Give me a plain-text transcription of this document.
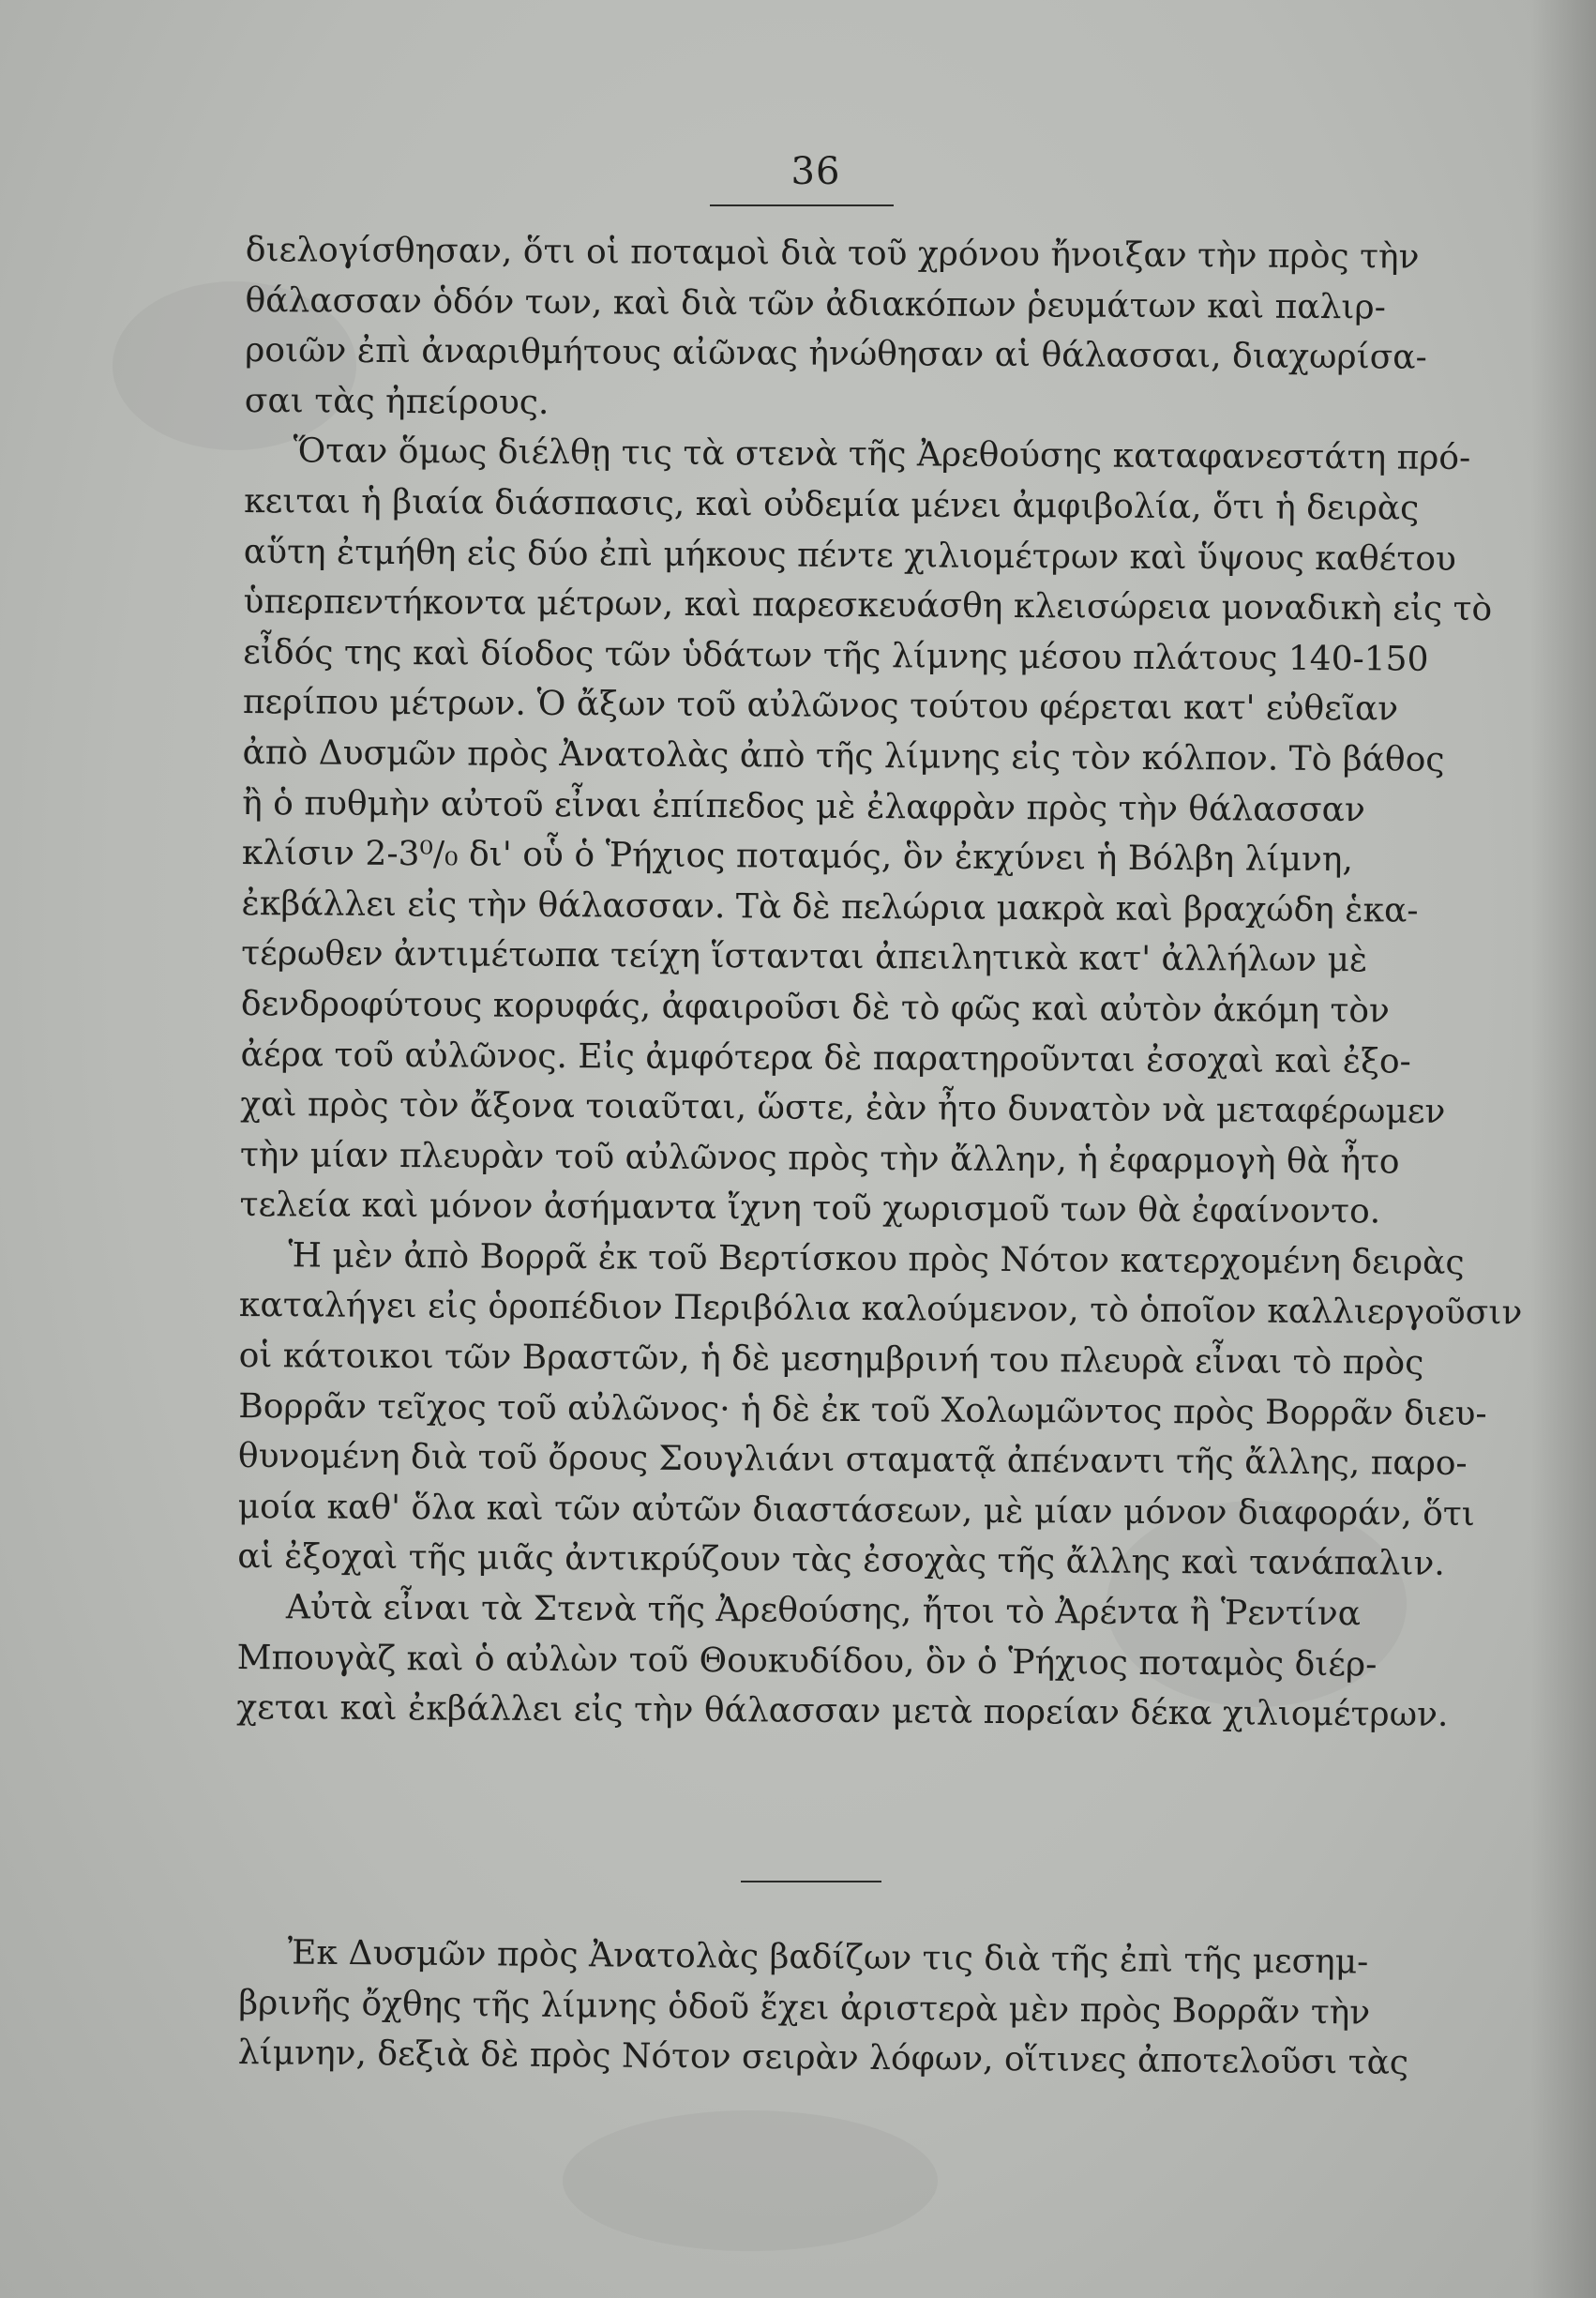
36
διελογίσθησαν, ὅτι οἱ ποταμοὶ διὰ τοῦ χρόνου ἤνοιξαν τὴν πρὸς τὴν
θάλασσαν ὁδόν των, καὶ διὰ τῶν ἀδιακόπων ῥευμάτων καὶ παλιρ-
ροιῶν ἐπὶ ἀναριθμήτους αἰῶνας ἠνώθησαν αἱ θάλασσαι, διαχωρίσα-
σαι τὰς ἠπείρους.
Ὅταν ὅμως διέλθῃ τις τὰ στενὰ τῆς Ἀρεθούσης καταφανεστάτη πρό-
κειται ἡ βιαία διάσπασις, καὶ οὐδεμία μένει ἀμφιβολία, ὅτι ἡ δειρὰς
αὕτη ἐτμήθη εἰς δύο ἐπὶ μήκους πέντε χιλιομέτρων καὶ ὕψους καθέτου
ὑπερπεντήκοντα μέτρων, καὶ παρεσκευάσθη κλεισώρεια μοναδικὴ εἰς τὸ
εἶδός της καὶ δίοδος τῶν ὑδάτων τῆς λίμνης μέσου πλάτους 140-150
περίπου μέτρων. Ὁ ἄξων τοῦ αὐλῶνος τούτου φέρεται κατ' εὐθεῖαν
ἀπὸ Δυσμῶν πρὸς Ἀνατολὰς ἀπὸ τῆς λίμνης εἰς τὸν κόλπον. Τὸ βάθος
ἢ ὁ πυθμὴν αὐτοῦ εἶναι ἐπίπεδος μὲ ἐλαφρὰν πρὸς τὴν θάλασσαν
κλίσιν 2-3⁰/₀ δι' οὗ ὁ Ῥήχιος ποταμός, ὃν ἐκχύνει ἡ Βόλβη λίμνη,
ἐκβάλλει εἰς τὴν θάλασσαν. Τὰ δὲ πελώρια μακρὰ καὶ βραχώδη ἑκα-
τέρωθεν ἀντιμέτωπα τείχη ἵστανται ἀπειλητικὰ κατ' ἀλλήλων μὲ
δενδροφύτους κορυφάς, ἀφαιροῦσι δὲ τὸ φῶς καὶ αὐτὸν ἀκόμη τὸν
ἀέρα τοῦ αὐλῶνος. Εἰς ἀμφότερα δὲ παρατηροῦνται ἐσοχαὶ καὶ ἐξο-
χαὶ πρὸς τὸν ἄξονα τοιαῦται, ὥστε, ἐὰν ἦτο δυνατὸν νὰ μεταφέρωμεν
τὴν μίαν πλευρὰν τοῦ αὐλῶνος πρὸς τὴν ἄλλην, ἡ ἐφαρμογὴ θὰ ἦτο
τελεία καὶ μόνον ἀσήμαντα ἴχνη τοῦ χωρισμοῦ των θὰ ἐφαίνοντο.
Ἡ μὲν ἀπὸ Βορρᾶ ἐκ τοῦ Βερτίσκου πρὸς Νότον κατερχομένη δειρὰς
καταλήγει εἰς ὁροπέδιον Περιβόλια καλούμενον, τὸ ὁποῖον καλλιεργοῦσιν
οἱ κάτοικοι τῶν Βραστῶν, ἡ δὲ μεσημβρινή του πλευρὰ εἶναι τὸ πρὸς
Βορρᾶν τεῖχος τοῦ αὐλῶνος· ἡ δὲ ἐκ τοῦ Χολωμῶντος πρὸς Βορρᾶν διευ-
θυνομένη διὰ τοῦ ὄρους Σουγλιάνι σταματᾷ ἀπέναντι τῆς ἄλλης, παρο-
μοία καθ' ὅλα καὶ τῶν αὐτῶν διαστάσεων, μὲ μίαν μόνον διαφοράν, ὅτι
αἱ ἐξοχαὶ τῆς μιᾶς ἀντικρύζουν τὰς ἐσοχὰς τῆς ἄλλης καὶ τανάπαλιν.
Αὐτὰ εἶναι τὰ Στενὰ τῆς Ἀρεθούσης, ἤτοι τὸ Ἀρέντα ἢ Ῥεντίνα
Μπουγὰζ καὶ ὁ αὐλὼν τοῦ Θουκυδίδου, ὃν ὁ Ῥήχιος ποταμὸς διέρ-
χεται καὶ ἐκβάλλει εἰς τὴν θάλασσαν μετὰ πορείαν δέκα χιλιομέτρων.
Ἐκ Δυσμῶν πρὸς Ἀνατολὰς βαδίζων τις διὰ τῆς ἐπὶ τῆς μεσημ-
βρινῆς ὄχθης τῆς λίμνης ὁδοῦ ἔχει ἀριστερὰ μὲν πρὸς Βορρᾶν τὴν
λίμνην, δεξιὰ δὲ πρὸς Νότον σειρὰν λόφων, οἵτινες ἀποτελοῦσι τὰς
